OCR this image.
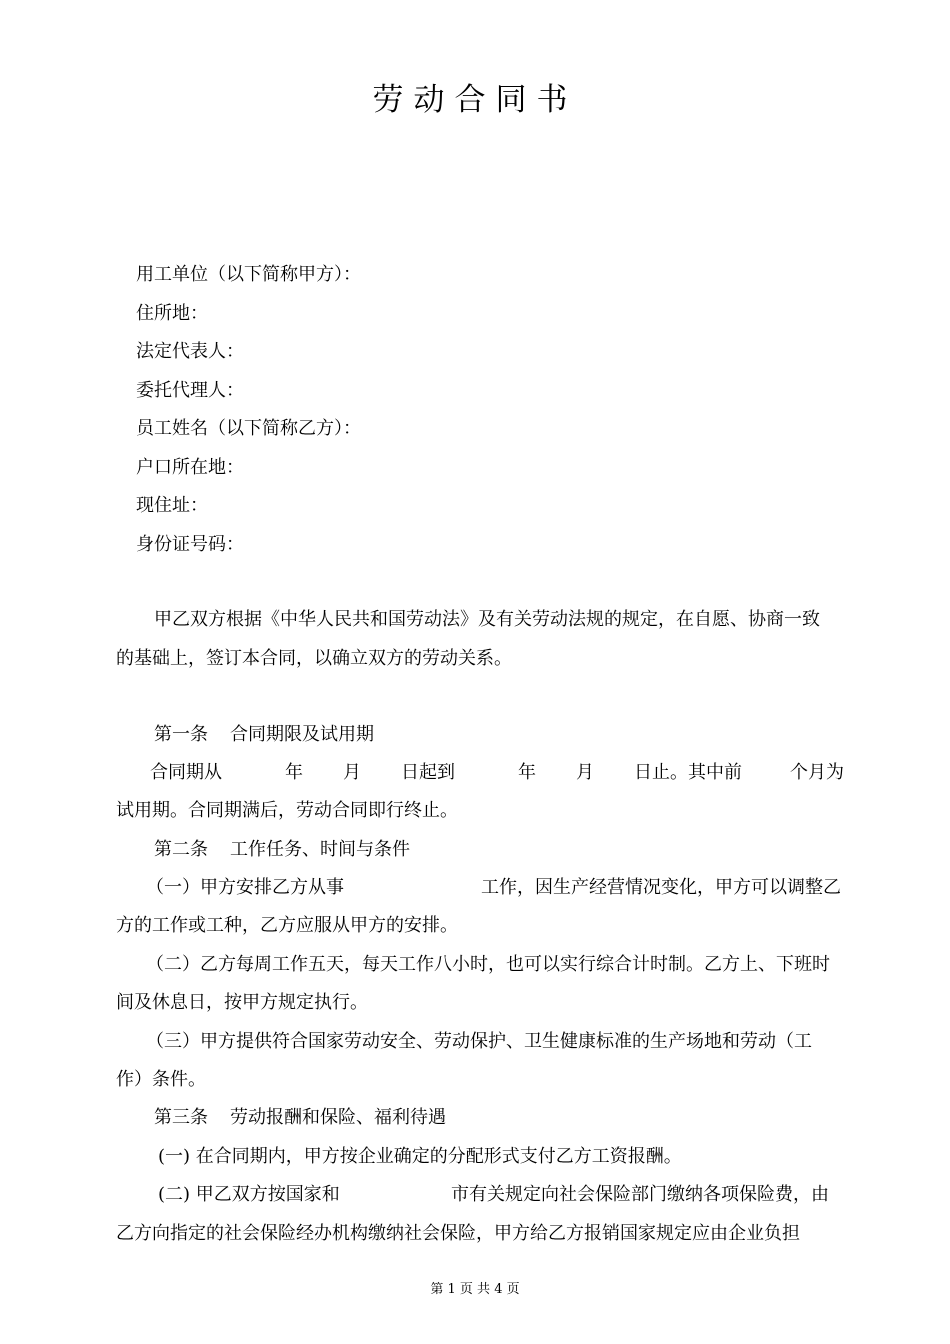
劳动合同书
用工单位（以下简称甲方）：
住所地：
法定代表人：
委托代理人：
员工姓名（以下简称乙方）：
户口所在地：
现住址：
身份证号码：

甲乙双方根据《中华人民共和国劳动法》及有关劳动法规的规定，在自愿、协商一致

的基础上，签订本合同，以确立双方的劳动关系。

第一条 合同期限及试用期
合同期从	年 月 日起到	年 月 日止。其中前	个月为

试用期。合同期满后，劳动合同即行终止。

第二条 工作任务、时间与条件
（一）甲方安排乙方从事	工作，因生产经营情况变化，甲方可以调整乙

方的工作或工种，乙方应服从甲方的安排。

（二）乙方每周工作五天，每天工作八小时，也可以实行综合计时制。乙方上、下班时

间及休息日，按甲方规定执行。

（三）甲方提供符合国家劳动安全、劳动保护、卫生健康标准的生产场地和劳动（工

作）条件。

第三条 劳动报酬和保险、福利待遇

(一) 在合同期内，甲方按企业确定的分配形式支付乙方工资报酬。

(二) 甲乙双方按国家和	市有关规定向社会保险部门缴纳各项保险费，由

乙方向指定的社会保险经办机构缴纳社会保险，甲方给乙方报销国家规定应由企业负担

第 1 页 共 4 页
